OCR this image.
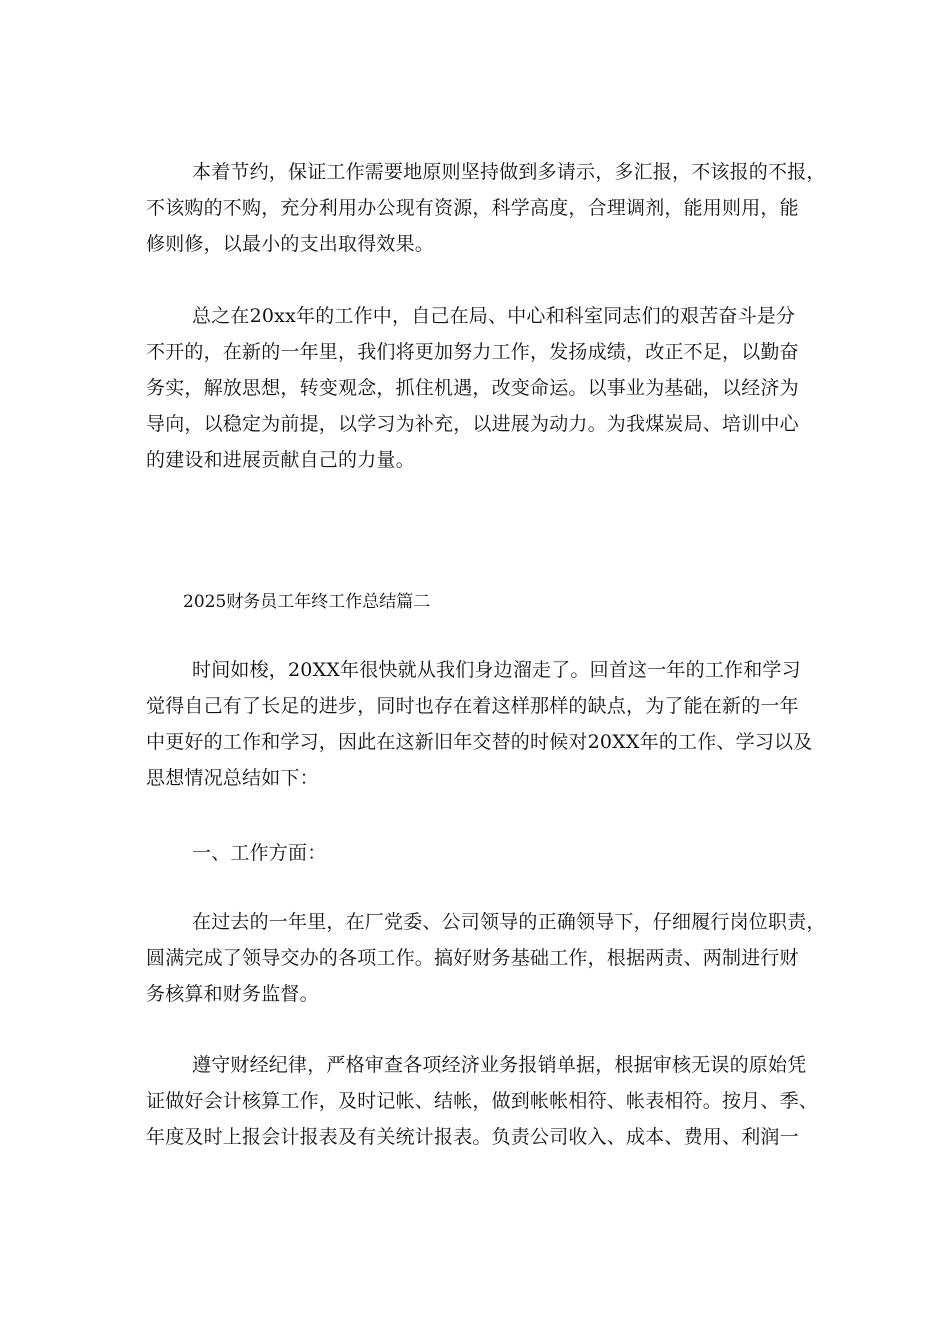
本着节约，保证工作需要地原则坚持做到多请示，多汇报，不该报的不报，
不该购的不购，充分利用办公现有资源，科学高度，合理调剂，能用则用，能
修则修，以最小的支出取得效果。
总之在20xx年的工作中，自己在局、中心和科室同志们的艰苦奋斗是分
不开的，在新的一年里，我们将更加努力工作，发扬成绩，改正不足，以勤奋
务实，解放思想，转变观念，抓住机遇，改变命运。以事业为基础，以经济为
导向，以稳定为前提，以学习为补充，以进展为动力。为我煤炭局、培训中心
的建设和进展贡献自己的力量。
2025财务员工年终工作总结篇二
时间如梭，20XX年很快就从我们身边溜走了。回首这一年的工作和学习
觉得自己有了长足的进步，同时也存在着这样那样的缺点，为了能在新的一年
中更好的工作和学习，因此在这新旧年交替的时候对20XX年的工作、学习以及
思想情况总结如下：
一、工作方面：
在过去的一年里，在厂党委、公司领导的正确领导下，仔细履行岗位职责，
圆满完成了领导交办的各项工作。搞好财务基础工作，根据两责、两制进行财
务核算和财务监督。
遵守财经纪律，严格审查各项经济业务报销单据，根据审核无误的原始凭
证做好会计核算工作，及时记帐、结帐，做到帐帐相符、帐表相符。按月、季、
年度及时上报会计报表及有关统计报表。负责公司收入、成本、费用、利润一
